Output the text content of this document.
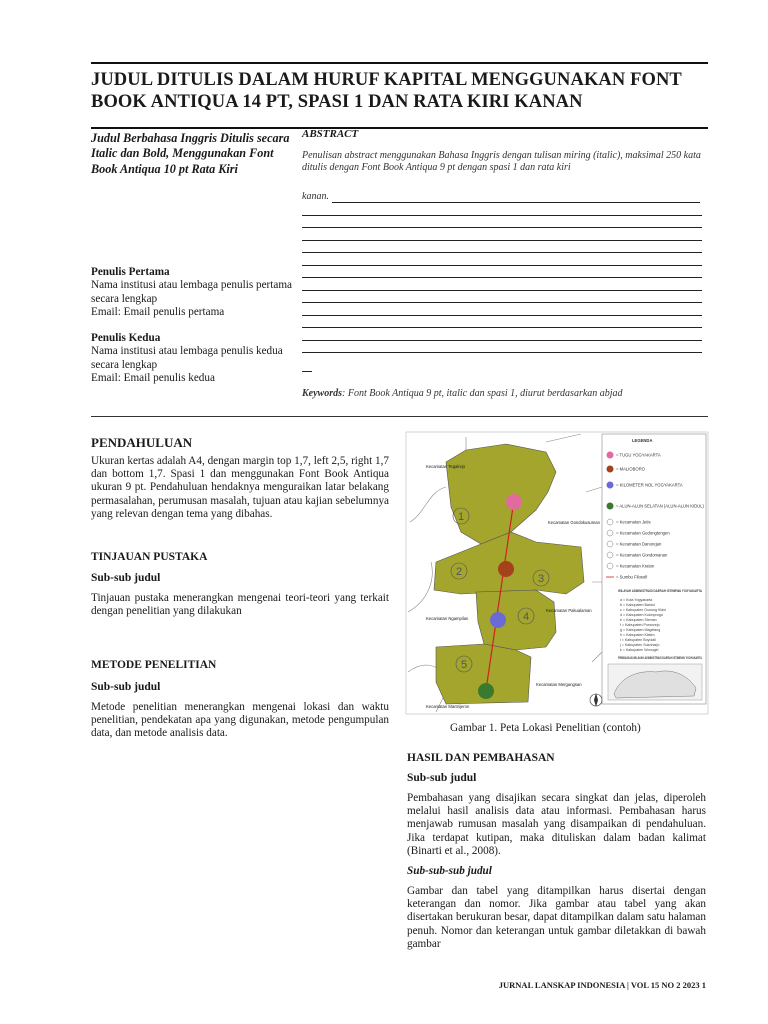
JUDUL DITULIS DALAM HURUF KAPITAL MENGGUNAKAN FONT BOOK ANTIQUA 14 PT, SPASI 1 DAN RATA KIRI KANAN
Judul Berbahasa Inggris Ditulis secara Italic dan Bold, Menggunakan Font Book Antiqua 10 pt Rata Kiri
Penulis Pertama
Nama institusi atau lembaga penulis pertama secara lengkap
Email: Email penulis pertama
Penulis Kedua
Nama institusi atau lembaga penulis kedua secara lengkap
Email: Email penulis kedua
ABSTRACT
Penulisan abstract menggunakan Bahasa Inggris dengan tulisan miring (italic), maksimal 250 kata ditulis dengan Font Book Antiqua 9 pt dengan spasi 1 dan rata kiri
kanan.
Keywords: Font Book Antiqua 9 pt, italic dan spasi 1, diurut berdasarkan abjad
PENDAHULUAN
Ukuran kertas adalah A4, dengan margin top 1,7, left 2,5, right 1,7 dan bottom 1,7. Spasi 1 dan menggunakan Font Book Antiqua ukuran 9 pt. Pendahuluan hendaknya menguraikan latar belakang permasalahan, perumusan masalah, tujuan atau kajian sebelumnya yang relevan dengan tema yang dibahas.
TINJAUAN PUSTAKA
Sub-sub judul
Tinjauan pustaka menerangkan mengenai teori-teori yang terkait dengan penelitian yang dilakukan
METODE PENELITIAN
Sub-sub judul
Metode penelitian menerangkan mengenai lokasi dan waktu penelitian, pendekatan apa yang digunakan, metode pengumpulan data, dan metode analisis data.
1
2
3
4
5
Kecamatan Tegalrejo
Kecamatan Gondokusuman
Kecamatan Ngampilan
Kecamatan Pakualaman
Kecamatan Mergangsan
Kecamatan Mantrijeron
LEGENDA
= TUGU YOGYAKARTA
= MALIOBORO
= KILOMETER NOL YOGYAKARTA
= ALUN-ALUN SELATAN (ALUN-ALUN KIDUL)
= Kecamatan Jetis
= Kecamatan Gedongtengen
= Kecamatan Danurejan
= Kecamatan Gondomanan
= Kecamatan Kraton
= Sumbu Filosofi
WILAYAH ADMINISTRASI DAERAH ISTIMEWA YOGYAKARTA
a = Kota Yogyakarta
b = Kabupaten Bantul
c = Kabupaten Gunung Kidul
d = Kabupaten Kulonprogo
e = Kabupaten Sleman
f = Kabupaten Purworejo
g = Kabupaten Magelang
h = Kabupaten Klaten
i = Kabupaten Boyolali
j = Kabupaten Sukoharjo
k = Kabupaten Wonogiri
PEMBAGIAN WILAYAH ADMINISTRASI DAERAH ISTIMEWA YOGYAKARTA
Gambar 1. Peta Lokasi Penelitian (contoh)
HASIL DAN PEMBAHASAN
Sub-sub judul
Pembahasan yang disajikan secara singkat dan jelas, diperoleh melalui hasil analisis data atau informasi. Pembahasan harus menjawab rumusan masalah yang disampaikan di pendahuluan. Jika terdapat kutipan, maka dituliskan dalam badan kalimat (Binarti et al., 2008).
Sub-sub-sub judul
Gambar dan tabel yang ditampilkan harus disertai dengan keterangan dan nomor. Jika gambar atau tabel yang akan disertakan berukuran besar, dapat ditampilkan dalam satu halaman penuh. Nomor dan keterangan untuk gambar diletakkan di bawah gambar
JURNAL LANSKAP INDONESIA | VOL 15 NO 2 2023 1
